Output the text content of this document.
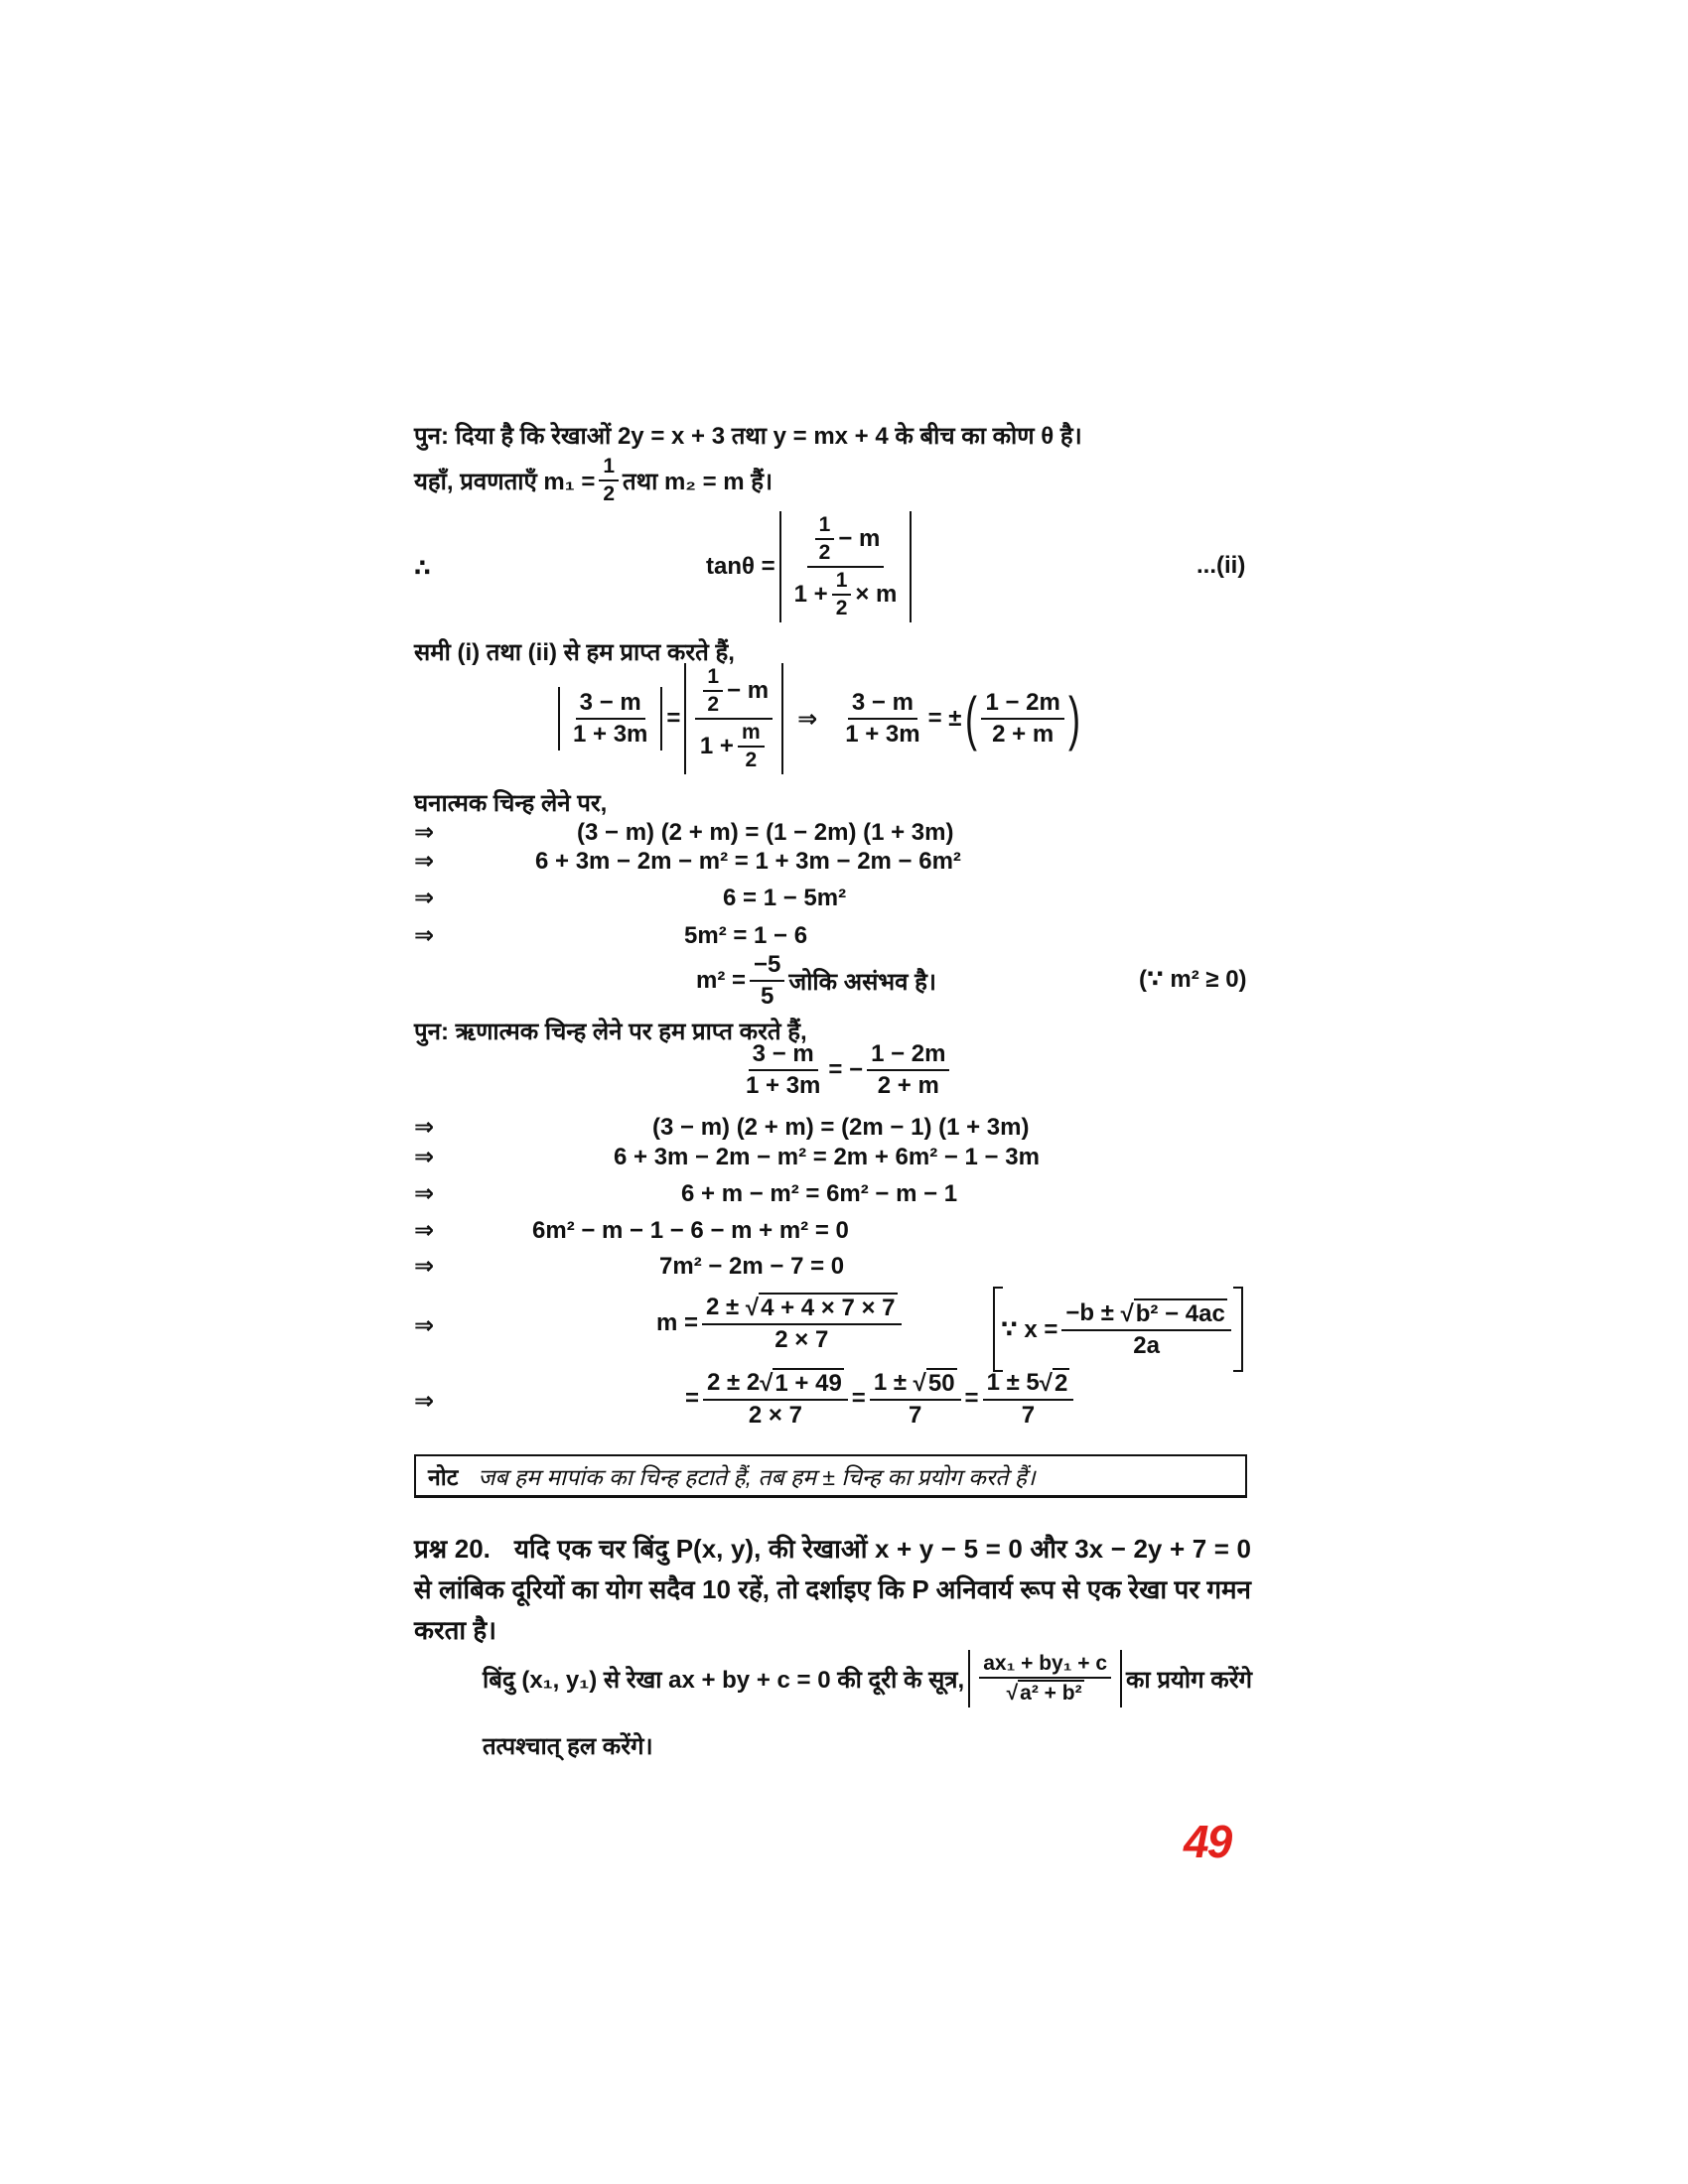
पुन: दिया है कि रेखाओं 2y = x + 3 तथा y = mx + 4 के बीच का कोण θ है।
यहाँ, प्रवणताएँ $m_1 = \frac{1}{2}$ तथा m₂ = m हैं।
∴	$\tan\theta = \frac{\frac{1}{2} - m}{1 + \frac{1}{2} \times m}$	...(ii)
समी (i) तथा (ii) से हम प्राप्त करते हैं,
$\frac{3 - m}{1 + 3m} = \frac{\frac{1}{2} - m}{1 + \frac{m}{2}}$ ⇒ $\frac{3 - m}{1 + 3m}$ = ± ( $\frac{1 - 2m}{2 + m}$ )
घनात्मक चिन्ह लेने पर,
⇒	(3 − m) (2 + m) = (1 − 2m) (1 + 3m)
⇒	6 + 3m − 2m − m² = 1 + 3m − 2m − 6m²
⇒	6 = 1 − 5m²
⇒	5m² = 1 − 6
$m^2 = \frac{-5}{5}$ जोकि असंभव है।	(∵ m² ≥ 0)
पुन: ऋणात्मक चिन्ह लेने पर हम प्राप्त करते हैं,
$\frac{3 - m}{1 + 3m}$ = − $\frac{1 - 2m}{2 + m}$
⇒	(3 − m) (2 + m) = (2m − 1) (1 + 3m)
⇒	6 + 3m − 2m − m² = 2m + 6m² − 1 − 3m
⇒	6 + m − m² = 6m² − m − 1
⇒	6m² − m − 1 − 6 − m + m² = 0
⇒	7m² − 2m − 7 = 0
⇒	m = 2 ±
√ 4 + 4 × 7 × 7
2 × 7	∵ x = −b ±
√ b² − 4ac
2a
⇒	= $\frac{2 \pm 2 √ 1 + 49}{2 \times 7} = 1$ ±
√ 50
$7 = \frac{1 \pm 5 √ 2}{7}$
नोट जब हम मापांक का चिन्ह हटाते हैं, तब हम ± चिन्ह का प्रयोग करते हैं।
प्रश्न 20. यदि एक चर बिंदु P(x, y), की रेखाओं x + y − 5 = 0 और 3x − 2y + 7 = 0 से लांबिक दूरियों का योग सदैव 10 रहें, तो दर्शाइए कि P अनिवार्य रूप से एक रेखा पर गमन करता है।
बिंदु (x₁, y₁) से रेखा ax + by + c = 0 की दूरी के सूत्र, $\frac{\text{ax₁ + by₁ + c}}{\text{√ a² + b²}}$ का प्रयोग करेंगे
तत्पश्चात् हल करेंगे।
49
